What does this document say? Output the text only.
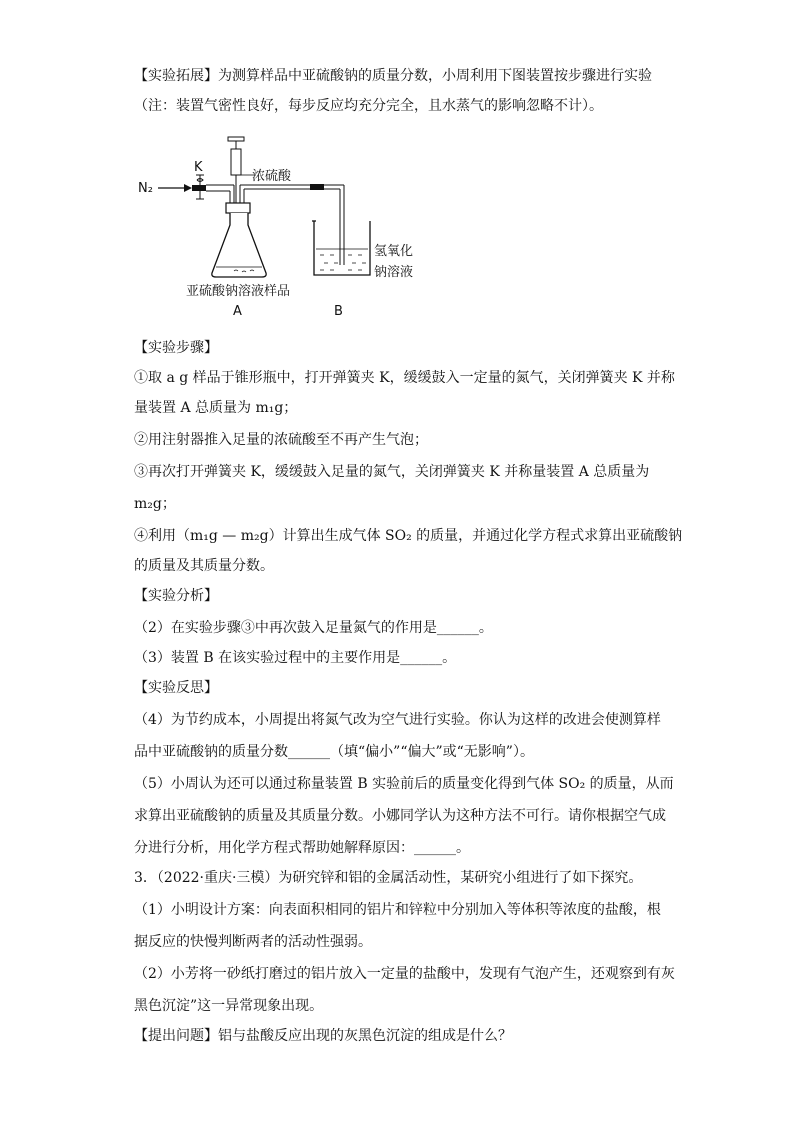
【实验拓展】为测算样品中亚硫酸钠的质量分数，小周利用下图装置按步骤进行实验
（注：装置气密性良好，每步反应均充分完全，且水蒸气的影响忽略不计）。
N₂
K
浓硫酸
氢氧化
钠溶液
亚硫酸钠溶液样品
A	B
【实验步骤】
①取 a g 样品于锥形瓶中，打开弹簧夹 K，缓缓鼓入一定量的氮气，关闭弹簧夹 K 并称
量装置 A 总质量为 m₁g；
②用注射器推入足量的浓硫酸至不再产生气泡；
③再次打开弹簧夹 K，缓缓鼓入足量的氮气，关闭弹簧夹 K 并称量装置 A 总质量为
m₂g；
④利用（m₁g — m₂g）计算出生成气体 SO₂ 的质量，并通过化学方程式求算出亚硫酸钠
的质量及其质量分数。
【实验分析】
（2）在实验步骤③中再次鼓入足量氮气的作用是______。
（3）装置 B 在该实验过程中的主要作用是______。
【实验反思】
（4）为节约成本，小周提出将氮气改为空气进行实验。你认为这样的改进会使测算样
品中亚硫酸钠的质量分数______（填“偏小”“偏大”或“无影响”）。
（5）小周认为还可以通过称量装置 B 实验前后的质量变化得到气体 SO₂ 的质量，从而
求算出亚硫酸钠的质量及其质量分数。小娜同学认为这种方法不可行。请你根据空气成
分进行分析，用化学方程式帮助她解释原因：______。
3．（2022·重庆·三模）为研究锌和铝的金属活动性，某研究小组进行了如下探究。
（1）小明设计方案：向表面积相同的铝片和锌粒中分别加入等体积等浓度的盐酸，根
据反应的快慢判断两者的活动性强弱。
（2）小芳将一砂纸打磨过的铝片放入一定量的盐酸中，发现有气泡产生，还观察到有灰
黑色沉淀”这一异常现象出现。
【提出问题】铝与盐酸反应出现的灰黑色沉淀的组成是什么？
